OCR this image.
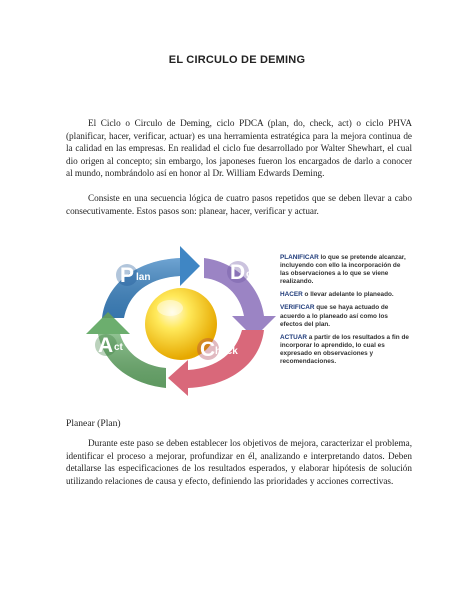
EL CIRCULO DE DEMING

El Ciclo o Circulo de Deming, ciclo PDCA (plan, do, check, act) o ciclo PHVA (planificar, hacer, verificar, actuar) es una herramienta estratégica para la mejora continua de la calidad en las empresas. En realidad el ciclo fue desarrollado por Walter Shewhart, el cual dio origen al concepto; sin embargo, los japoneses fueron los encargados de darlo a conocer al mundo, nombrándolo así en honor al Dr. William Edwards Deming.

Consiste en una secuencia lógica de cuatro pasos repetidos que se deben llevar a cabo consecutivamente. Estos pasos son: planear, hacer, verificar y actuar.

P lan	D o
C heck
A ct

PLANIFICAR lo que se pretende alcanzar, incluyendo con ello la incorporación de las observaciones a lo que se viene realizando.

HACER o llevar adelante lo planeado.

VERIFICAR que se haya actuado de acuerdo a lo planeado así como los efectos del plan.

ACTUAR a partir de los resultados a fin de incorporar lo aprendido, lo cual es expresado en observaciones y recomendaciones.

Planear (Plan)

Durante este paso se deben establecer los objetivos de mejora, caracterizar el problema, identificar el proceso a mejorar, profundizar en él, analizando e interpretando datos. Deben detallarse las especificaciones de los resultados esperados, y elaborar hipótesis de solución utilizando relaciones de causa y efecto, definiendo las prioridades y acciones correctivas.
